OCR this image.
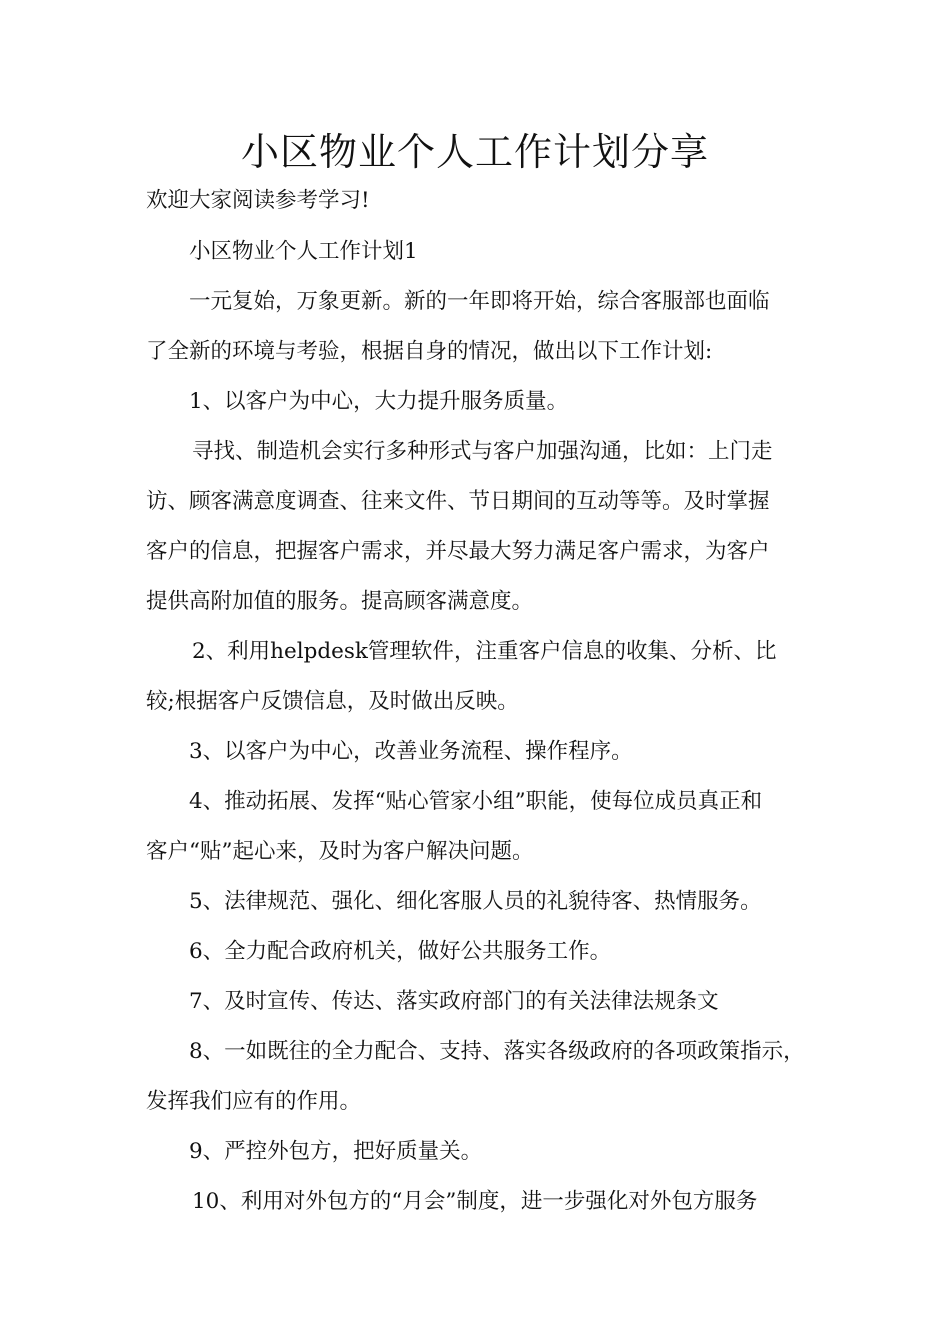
小区物业个人工作计划分享

欢迎大家阅读参考学习!

小区物业个人工作计划1

一元复始，万象更新。新的一年即将开始，综合客服部也面临

了全新的环境与考验，根据自身的情况，做出以下工作计划:

1、以客户为中心，大力提升服务质量。

寻找、制造机会实行多种形式与客户加强沟通，比如：上门走

访、顾客满意度调查、往来文件、节日期间的互动等等。及时掌握

客户的信息，把握客户需求，并尽最大努力满足客户需求，为客户

提供高附加值的服务。提高顾客满意度。

2、利用helpdesk管理软件，注重客户信息的收集、分析、比

较;根据客户反馈信息，及时做出反映。

3、以客户为中心，改善业务流程、操作程序。

4、推动拓展、发挥“贴心管家小组”职能，使每位成员真正和

客户“贴”起心来，及时为客户解决问题。

5、法律规范、强化、细化客服人员的礼貌待客、热情服务。

6、全力配合政府机关，做好公共服务工作。

7、及时宣传、传达、落实政府部门的有关法律法规条文

8、一如既往的全力配合、支持、落实各级政府的各项政策指示，

发挥我们应有的作用。

9、严控外包方，把好质量关。

10、利用对外包方的“月会”制度，进一步强化对外包方服务
